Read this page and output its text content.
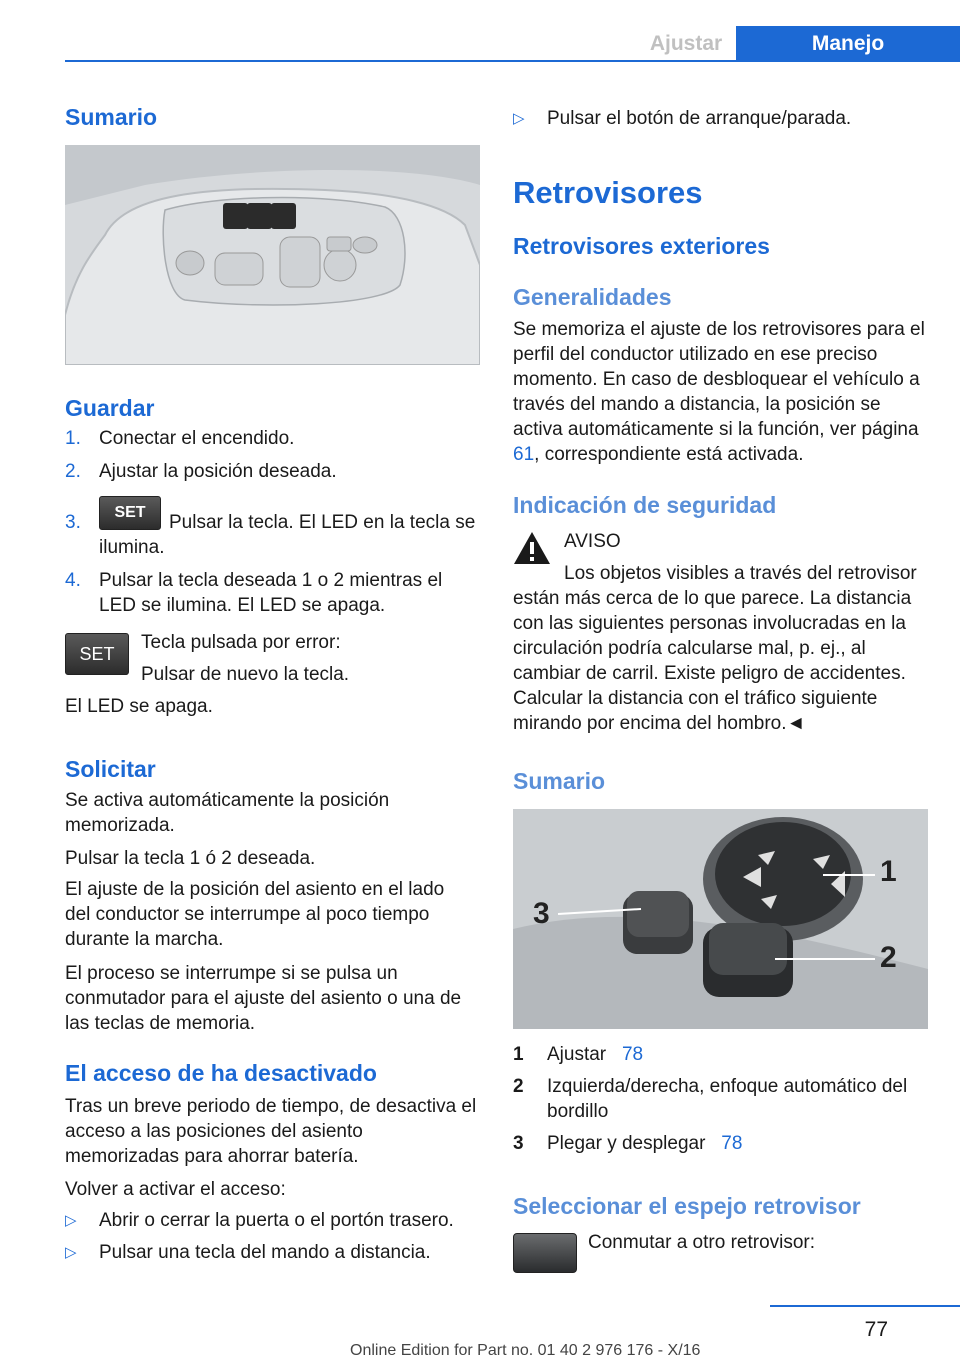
Ajustar	Manejo
Sumario
Guardar
1. Conectar el encendido.
2. Ajustar la posición deseada.
3.	SET	Pulsar la tecla. El LED en la tecla se ilumina.
4. Pulsar la tecla deseada 1 o 2 mientras el LED se ilumina. El LED se apaga.
SET

Tecla pulsada por error:

Pulsar de nuevo la tecla.

El LED se apaga.

Solicitar

Se activa automáticamente la posición memorizada.

Pulsar la tecla 1 ó 2 deseada.

El ajuste de la posición del asiento en el lado del conductor se interrumpe al poco tiempo durante la marcha.

El proceso se interrumpe si se pulsa un conmutador para el ajuste del asiento o una de las teclas de memoria.

El acceso de ha desactivado

Tras un breve periodo de tiempo, de desactiva el acceso a las posiciones del asiento memorizadas para ahorrar batería.

Volver a activar el acceso:

▷ Abrir o cerrar la puerta o el portón trasero.
▷ Pulsar una tecla del mando a distancia.
▷ Pulsar el botón de arranque/parada.
Retrovisores
Retrovisores exteriores
Generalidades

Se memoriza el ajuste de los retrovisores para el perfil del conductor utilizado en ese preciso momento. En caso de desbloquear el vehículo a través del mando a distancia, la posición se activa automáticamente si la función, ver página 61, correspondiente está activada.

Indicación de seguridad

AVISO

Los objetos visibles a través del retrovisor están más cerca de lo que parece. La distancia con las siguientes personas involucradas en la circulación podría calcularse mal, p. ej., al cambiar de carril. Existe peligro de accidentes. Calcular la distancia con el tráfico siguiente mirando por encima del hombro.◄

Sumario
1
2
3
1 Ajustar 78
2 Izquierda/derecha, enfoque automático del bordillo
3 Plegar y desplegar 78
Seleccionar el espejo retrovisor

Conmutar a otro retrovisor:

77
Online Edition for Part no. 01 40 2 976 176 - X/16
